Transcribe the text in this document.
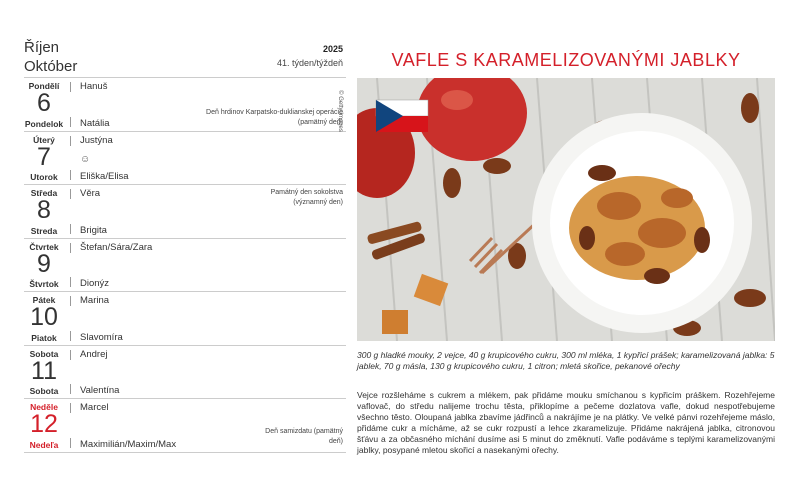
Říjen
Október
2025
41. týden/týždeň
Pondělí
6
Pondelok
Hanuš
Natália
Deň hrdinov Karpatsko-duklianskej operácie (pamätný deň)
Úterý
7
Utorok
Justýna
☺
Eliška/Elisa
Středa
8
Streda
Věra
Brigita
Památný den sokolstva (významný den)
Čtvrtek
9
Štvrtok
Štefan/Sára/Zara
Dionýz
Pátek
10
Piatok
Marina
Slavomíra
Sobota
11
Sobota
Andrej
Valentína
Neděle
12
Nedeľa
Marcel
Maximilián/Maxim/Max
Deň samizdatu (pamätný deň)
© Getty Images
VAFLE S KARAMELIZOVANÝMI JABLKY
300 g hladké mouky, 2 vejce, 40 g krupicového cukru, 300 ml mléka, 1 kypřicí prášek; karamelizovaná jablka: 5 jablek, 70 g másla, 130 g krupicového cukru, 1 citron; mletá skořice, pekanové ořechy
Vejce rozšleháme s cukrem a mlékem, pak přidáme mouku smíchanou s kypřicím práškem. Rozehřejeme vaflovač, do středu nalijeme trochu těsta, přiklopíme a pečeme dozlatova vafle, dokud nespotřebujeme všechno těsto. Oloupaná jablka zbavíme jádřinců a nakrájíme je na plátky. Ve velké pánvi rozehřejeme máslo, přidáme cukr a mícháme, až se cukr rozpustí a lehce zkaramelizuje. Přidáme nakrájená jablka, citronovou šťávu a za občasného míchání dusíme asi 5 minut do změknutí. Vafle podáváme s teplými karamelizovanými jablky, posypané mletou skořicí a nasekanými ořechy.
